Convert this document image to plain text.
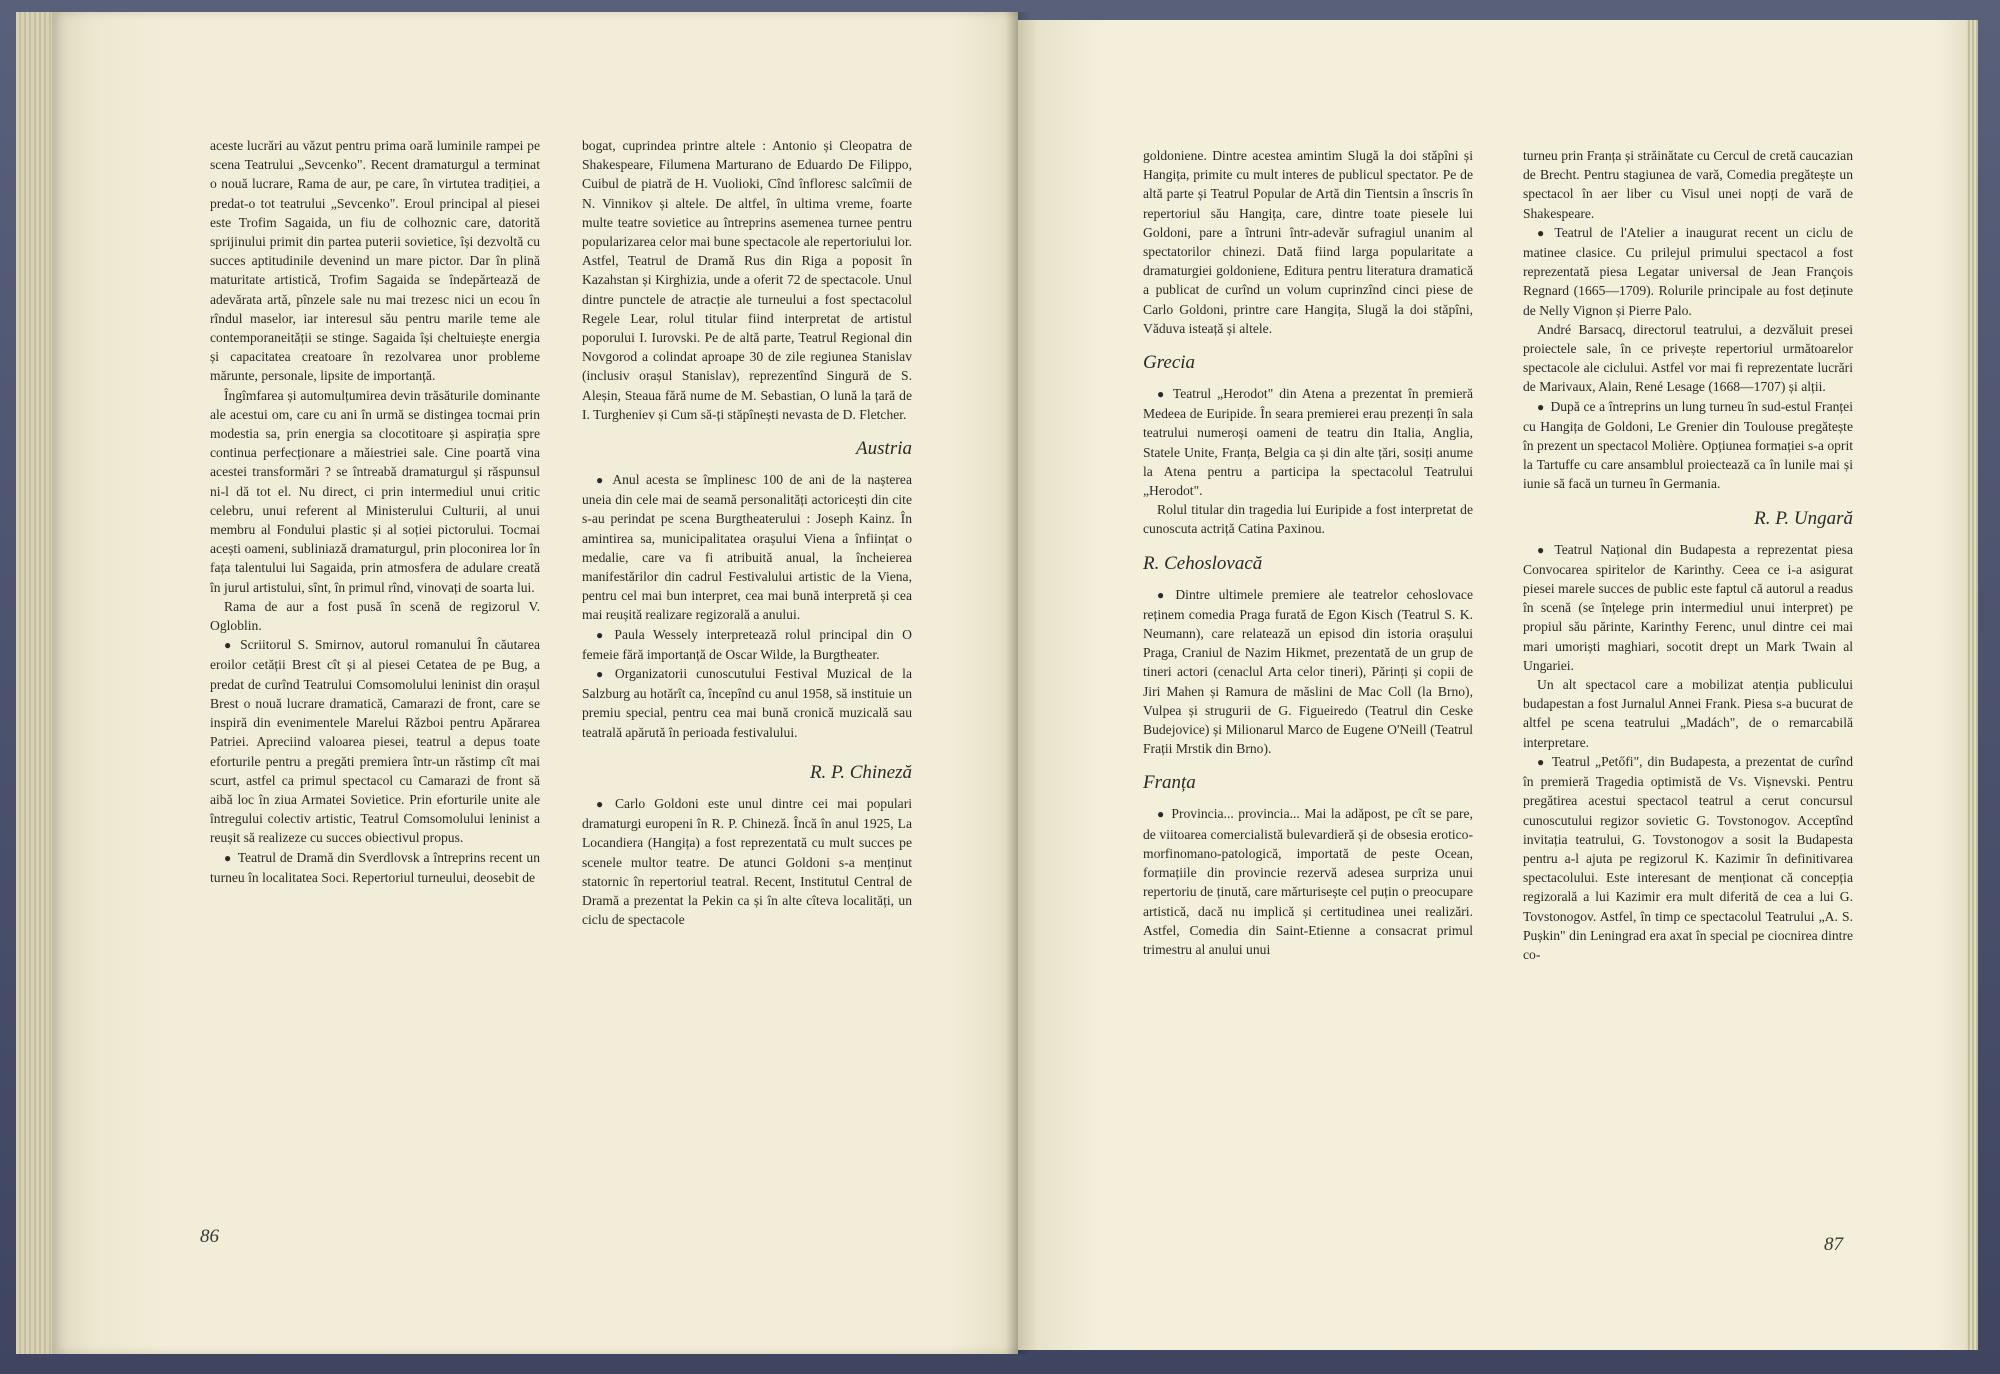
aceste lucrări au văzut pentru prima oară luminile rampei pe scena Teatrului „Sevcenko". Recent dramaturgul a terminat o nouă lucrare, Rama de aur, pe care, în virtutea tradiției, a predat-o tot teatrului „Sevcenko". Eroul principal al piesei este Trofim Sagaida, un fiu de colhoznic care, datorită sprijinului primit din partea puterii sovietice, își dezvoltă cu succes aptitudinile devenind un mare pictor. Dar în plină maturitate artistică, Trofim Sagaida se îndepărtează de adevărata artă, pînzele sale nu mai trezesc nici un ecou în rîndul maselor, iar interesul său pentru marile teme ale contemporaneității se stinge. Sagaida își cheltuiește energia și capacitatea creatoare în rezolvarea unor probleme mărunte, personale, lipsite de importanță.

Îngîmfarea și automulțumirea devin trăsăturile dominante ale acestui om, care cu ani în urmă se distingea tocmai prin modestia sa, prin energia sa clocotitoare și aspirația spre continua perfecționare a măiestriei sale. Cine poartă vina acestei transformări ? se întreabă dramaturgul și răspunsul ni-l dă tot el. Nu direct, ci prin intermediul unui critic celebru, unui referent al Ministerului Culturii, al unui membru al Fondului plastic și al soției pictorului. Tocmai acești oameni, subliniază dramaturgul, prin ploconirea lor în fața talentului lui Sagaida, prin atmosfera de adulare creată în jurul artistului, sînt, în primul rînd, vinovați de soarta lui.

Rama de aur a fost pusă în scenă de regizorul V. Ogloblin.

● Scriitorul S. Smirnov, autorul romanului În căutarea eroilor cetății Brest cît și al piesei Cetatea de pe Bug, a predat de curînd Teatrului Comsomolului leninist din orașul Brest o nouă lucrare dramatică, Camarazi de front, care se inspiră din evenimentele Marelui Război pentru Apărarea Patriei. Apreciind valoarea piesei, teatrul a depus toate eforturile pentru a pregăti premiera într-un răstimp cît mai scurt, astfel ca primul spectacol cu Camarazi de front să aibă loc în ziua Armatei Sovietice. Prin eforturile unite ale întregului colectiv artistic, Teatrul Comsomolului leninist a reușit să realizeze cu succes obiectivul propus.

● Teatrul de Dramă din Sverdlovsk a întreprins recent un turneu în localitatea Soci. Repertoriul turneului, deosebit de

bogat, cuprindea printre altele : Antonio și Cleopatra de Shakespeare, Filumena Marturano de Eduardo De Filippo, Cuibul de piatră de H. Vuolioki, Cînd înfloresc salcîmii de N. Vinnikov și altele. De altfel, în ultima vreme, foarte multe teatre sovietice au întreprins asemenea turnee pentru popularizarea celor mai bune spectacole ale repertoriului lor. Astfel, Teatrul de Dramă Rus din Riga a poposit în Kazahstan și Kirghizia, unde a oferit 72 de spectacole. Unul dintre punctele de atracție ale turneului a fost spectacolul Regele Lear, rolul titular fiind interpretat de artistul poporului I. Iurovski. Pe de altă parte, Teatrul Regional din Novgorod a colindat aproape 30 de zile regiunea Stanislav (inclusiv orașul Stanislav), reprezentînd Singură de S. Aleșin, Steaua fără nume de M. Sebastian, O lună la țară de I. Turgheniev și Cum să-ți stăpînești nevasta de D. Fletcher.

Austria

● Anul acesta se împlinesc 100 de ani de la nașterea uneia din cele mai de seamă personalități actoricești din cite s-au perindat pe scena Burgtheaterului : Joseph Kainz. În amintirea sa, municipalitatea orașului Viena a înființat o medalie, care va fi atribuită anual, la încheierea manifestărilor din cadrul Festivalului artistic de la Viena, pentru cel mai bun interpret, cea mai bună interpretă și cea mai reușită realizare regizorală a anului.

● Paula Wessely interpretează rolul principal din O femeie fără importanță de Oscar Wilde, la Burgtheater.

● Organizatorii cunoscutului Festival Muzical de la Salzburg au hotărît ca, începînd cu anul 1958, să instituie un premiu special, pentru cea mai bună cronică muzicală sau teatrală apărută în perioada festivalului.

R. P. Chineză

● Carlo Goldoni este unul dintre cei mai populari dramaturgi europeni în R. P. Chineză. Încă în anul 1925, La Locandiera (Hangița) a fost reprezentată cu mult succes pe scenele multor teatre. De atunci Goldoni s-a menținut statornic în repertoriul teatral. Recent, Institutul Central de Dramă a prezentat la Pekin ca și în alte cîteva localități, un ciclu de spectacole

86

goldoniene. Dintre acestea amintim Slugă la doi stăpîni și Hangița, primite cu mult interes de publicul spectator. Pe de altă parte și Teatrul Popular de Artă din Tientsin a înscris în repertoriul său Hangița, care, dintre toate piesele lui Goldoni, pare a întruni într-adevăr sufragiul unanim al spectatorilor chinezi. Dată fiind larga popularitate a dramaturgiei goldoniene, Editura pentru literatura dramatică a publicat de curînd un volum cuprinzînd cinci piese de Carlo Goldoni, printre care Hangița, Slugă la doi stăpîni, Văduva isteață și altele.

Grecia

● Teatrul „Herodot" din Atena a prezentat în premieră Medeea de Euripide. În seara premierei erau prezenți în sala teatrului numeroși oameni de teatru din Italia, Anglia, Statele Unite, Franța, Belgia ca și din alte țări, sosiți anume la Atena pentru a participa la spectacolul Teatrului „Herodot".

Rolul titular din tragedia lui Euripide a fost interpretat de cunoscuta actriță Catina Paxinou.

R. Cehoslovacă

● Dintre ultimele premiere ale teatrelor cehoslovace reținem comedia Praga furată de Egon Kisch (Teatrul S. K. Neumann), care relatează un episod din istoria orașului Praga, Craniul de Nazim Hikmet, prezentată de un grup de tineri actori (cenaclul Arta celor tineri), Părinți și copii de Jiri Mahen și Ramura de măslini de Mac Coll (la Brno), Vulpea și strugurii de G. Figueiredo (Teatrul din Ceske Budejovice) și Milionarul Marco de Eugene O'Neill (Teatrul Frații Mrstik din Brno).

Franța

● Provincia... provincia... Mai la adăpost, pe cît se pare, de viitoarea comercialistă bulevardieră și de obsesia erotico-morfinomano-patologică, importată de peste Ocean, formațiile din provincie rezervă adesea surpriza unui repertoriu de ținută, care mărturisește cel puțin o preocupare artistică, dacă nu implică și certitudinea unei realizări. Astfel, Comedia din Saint-Etienne a consacrat primul trimestru al anului unui

turneu prin Franța și străinătate cu Cercul de cretă caucazian de Brecht. Pentru stagiunea de vară, Comedia pregătește un spectacol în aer liber cu Visul unei nopți de vară de Shakespeare.

● Teatrul de l'Atelier a inaugurat recent un ciclu de matinee clasice. Cu prilejul primului spectacol a fost reprezentată piesa Legatar universal de Jean François Regnard (1665—1709). Rolurile principale au fost deținute de Nelly Vignon și Pierre Palo.

André Barsacq, directorul teatrului, a dezvăluit presei proiectele sale, în ce privește repertoriul următoarelor spectacole ale ciclului. Astfel vor mai fi reprezentate lucrări de Marivaux, Alain, René Lesage (1668—1707) și alții.

● După ce a întreprins un lung turneu în sud-estul Franței cu Hangița de Goldoni, Le Grenier din Toulouse pregătește în prezent un spectacol Molière. Opțiunea formației s-a oprit la Tartuffe cu care ansamblul proiectează ca în lunile mai și iunie să facă un turneu în Germania.

R. P. Ungară

● Teatrul Național din Budapesta a reprezentat piesa Convocarea spiritelor de Karinthy. Ceea ce i-a asigurat piesei marele succes de public este faptul că autorul a readus în scenă (se înțelege prin intermediul unui interpret) pe propiul său părinte, Karinthy Ferenc, unul dintre cei mai mari umoriști maghiari, socotit drept un Mark Twain al Ungariei.

Un alt spectacol care a mobilizat atenția publicului budapestan a fost Jurnalul Annei Frank. Piesa s-a bucurat de altfel pe scena teatrului „Madách", de o remarcabilă interpretare.

● Teatrul „Petőfi", din Budapesta, a prezentat de curînd în premieră Tragedia optimistă de Vs. Vișnevski. Pentru pregătirea acestui spectacol teatrul a cerut concursul cunoscutului regizor sovietic G. Tovstonogov. Acceptînd invitația teatrului, G. Tovstonogov a sosit la Budapesta pentru a-l ajuta pe regizorul K. Kazimir în definitivarea spectacolului. Este interesant de menționat că concepția regizorală a lui Kazimir era mult diferită de cea a lui G. Tovstonogov. Astfel, în timp ce spectacolul Teatrului „A. S. Pușkin" din Leningrad era axat în special pe ciocnirea dintre co-

87
